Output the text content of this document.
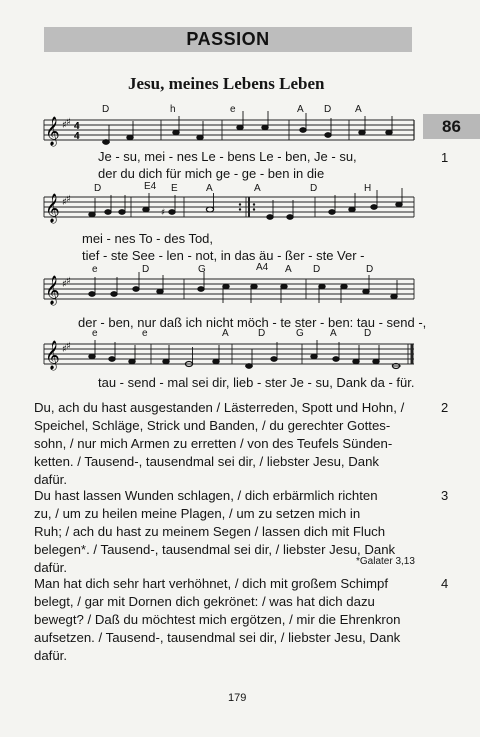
PASSION
Jesu, meines Lebens Leben
86
1
D	h	e	A D A
𝄞 ♯ ♯ 4
4
Je - su, mei - nes Le - bens Le - ben, Je - su,
der du dich für mich ge - ge - ben in die
D	E4 E	A	A	D	H
𝄞 ♯ ♯
♯
mei - nes To - des Tod,
tief - ste See - len - not, in das äu - ßer - ste Ver -
e	D	G	A4 A D	D
𝄞 ♯ ♯
der - ben, nur daß ich nicht möch - te ster - ben: tau - send -,
e	e	A	D	G	A	D
𝄞 ♯ ♯
tau - send - mal sei dir, lieb - ster Je - su, Dank da - für.
2
Du, ach du hast ausgestanden / Lästerreden, Spott und Hohn, /
Speichel, Schläge, Strick und Banden, / du gerechter Gottes-
sohn, / nur mich Armen zu erretten / von des Teufels Sünden-
ketten. / Tausend-, tausendmal sei dir, / liebster Jesu, Dank
dafür.
3
Du hast lassen Wunden schlagen, / dich erbärmlich richten
zu, / um zu heilen meine Plagen, / um zu setzen mich in
Ruh; / ach du hast zu meinem Segen / lassen dich mit Fluch
belegen*. / Tausend-, tausendmal sei dir, / liebster Jesu, Dank
dafür.	*Galater 3,13
4
Man hat dich sehr hart verhöhnet, / dich mit großem Schimpf
belegt, / gar mit Dornen dich gekrönet: / was hat dich dazu
bewegt? / Daß du möchtest mich ergötzen, / mir die Ehrenkron
aufsetzen. / Tausend-, tausendmal sei dir, / liebster Jesu, Dank
dafür.
179
